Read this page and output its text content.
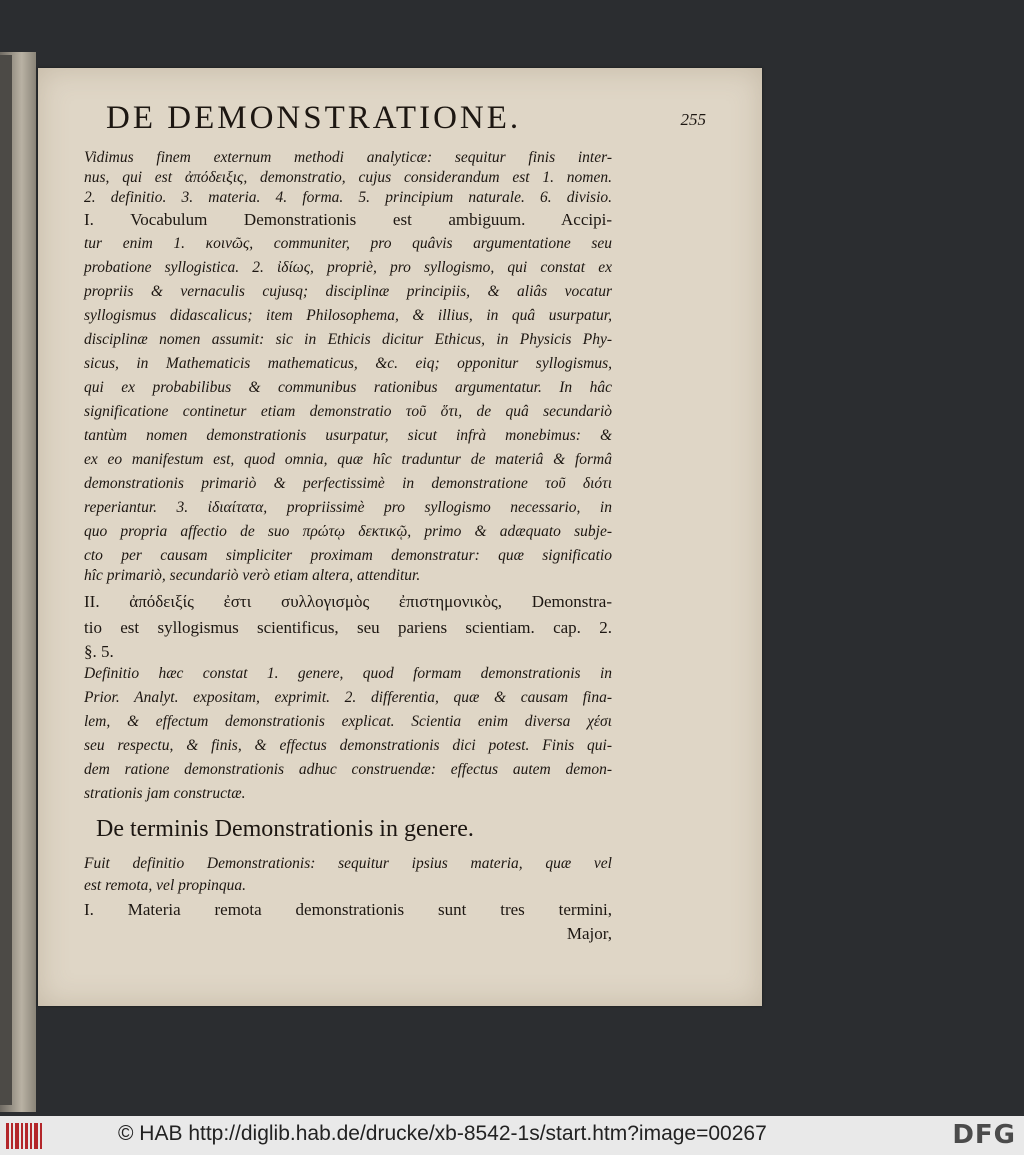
DE DEMONSTRATIONE.	255
Vidimus finem externum methodi analyticæ: sequitur finis inter-
nus, qui est ἀπόδειξις, demonstratio, cujus considerandum est 1. nomen.
2. definitio. 3. materia. 4. forma. 5. principium naturale. 6. divisio.
I. Vocabulum Demonstrationis est ambiguum. Accipi-
tur enim 1. κοινῶς, communiter, pro quâvis argumentatione seu
probatione syllogistica. 2. ἰδίως, propriè, pro syllogismo, qui constat ex
propriis & vernaculis cujusq; disciplinæ principiis, & aliâs vocatur
syllogismus didascalicus; item Philosophema, & illius, in quâ usurpatur,
disciplinæ nomen assumit: sic in Ethicis dicitur Ethicus, in Physicis Phy-
sicus, in Mathematicis mathematicus, &c. eiq; opponitur syllogismus,
qui ex probabilibus & communibus rationibus argumentatur. In hâc
significatione continetur etiam demonstratio τοῦ ὅτι, de quâ secundariò
tantùm nomen demonstrationis usurpatur, sicut infrà monebimus: &
ex eo manifestum est, quod omnia, quæ hîc traduntur de materiâ & formâ
demonstrationis primariò & perfectissimè in demonstratione τοῦ διότι
reperiantur. 3. ἰδιαίτατα, propriissimè pro syllogismo necessario, in
quo propria affectio de suo πρώτῳ δεκτικῷ, primo & adæquato subje-
cto per causam simpliciter proximam demonstratur: quæ significatio
hîc primariò, secundariò verò etiam altera, attenditur.
II. ἀπόδειξίς ἐστι συλλογισμὸς ἐπιστημονικὸς, Demonstra-
tio est syllogismus scientificus, seu pariens scientiam. cap. 2.
§. 5.
Definitio hæc constat 1. genere, quod formam demonstrationis in
Prior. Analyt. expositam, exprimit. 2. differentia, quæ & causam fina-
lem, & effectum demonstrationis explicat. Scientia enim diversa χέσι
seu respectu, & finis, & effectus demonstrationis dici potest. Finis qui-
dem ratione demonstrationis adhuc construendæ: effectus autem demon-
strationis jam constructæ.
De terminis Demonstrationis in genere.
Fuit definitio Demonstrationis: sequitur ipsius materia, quæ vel
est remota, vel propinqua.
I. Materia remota demonstrationis sunt tres termini,
Major,
© HAB http://diglib.hab.de/drucke/xb-8542-1s/start.htm?image=00267	DFG
